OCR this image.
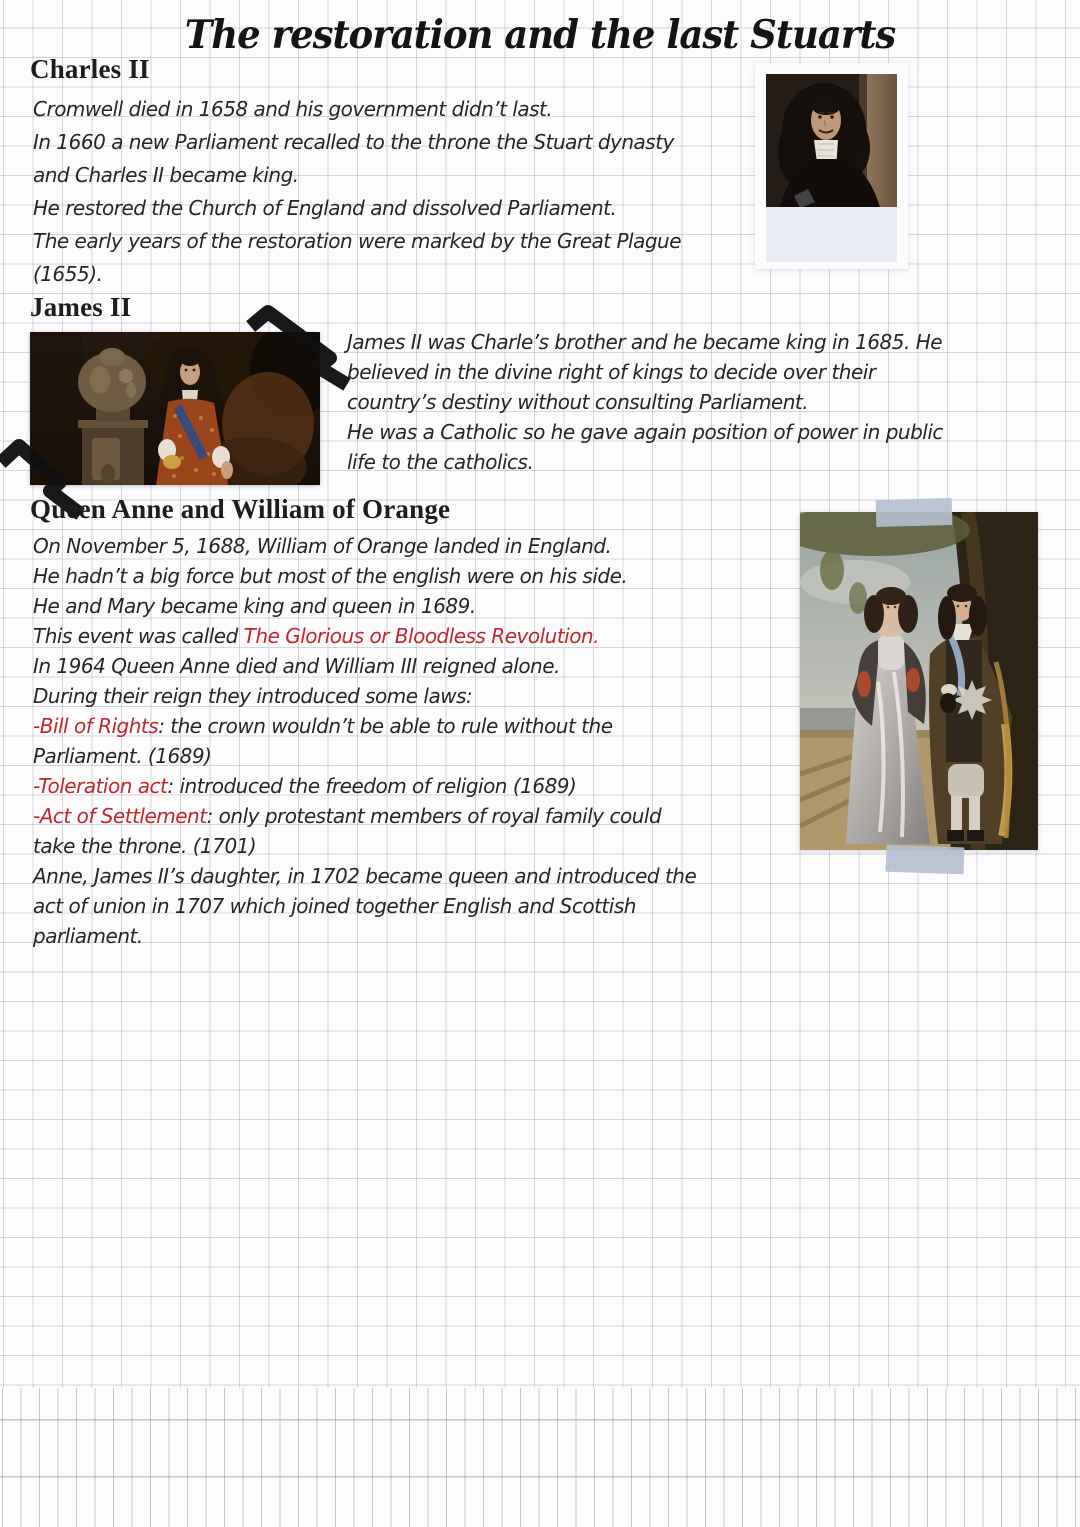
The restoration and the last Stuarts
Charles II
Cromwell died in 1658 and his government didn’t last.
In 1660 a new Parliament recalled to the throne the Stuart dynasty
and Charles II became king.
He restored the Church of England and dissolved Parliament.
The early years of the restoration were marked by the Great Plague
(1655).
James II
James II was Charle’s brother and he became king in 1685. He
believed in the divine right of kings to decide over their
country’s destiny without consulting Parliament.
He was a Catholic so he gave again position of power in public
life to the catholics.
Queen Anne and William of Orange
On November 5, 1688, William of Orange landed in England.
He hadn’t a big force but most of the english were on his side.
He and Mary became king and queen in 1689.
This event was called The Glorious or Bloodless Revolution.
In 1964 Queen Anne died and William III reigned alone.
During their reign they introduced some laws:
-Bill of Rights: the crown wouldn’t be able to rule without the
Parliament. (1689)
-Toleration act: introduced the freedom of religion (1689)
-Act of Settlement: only protestant members of royal family could
take the throne. (1701)
Anne, James II’s daughter, in 1702 became queen and introduced the
act of union in 1707 which joined together English and Scottish
parliament.
